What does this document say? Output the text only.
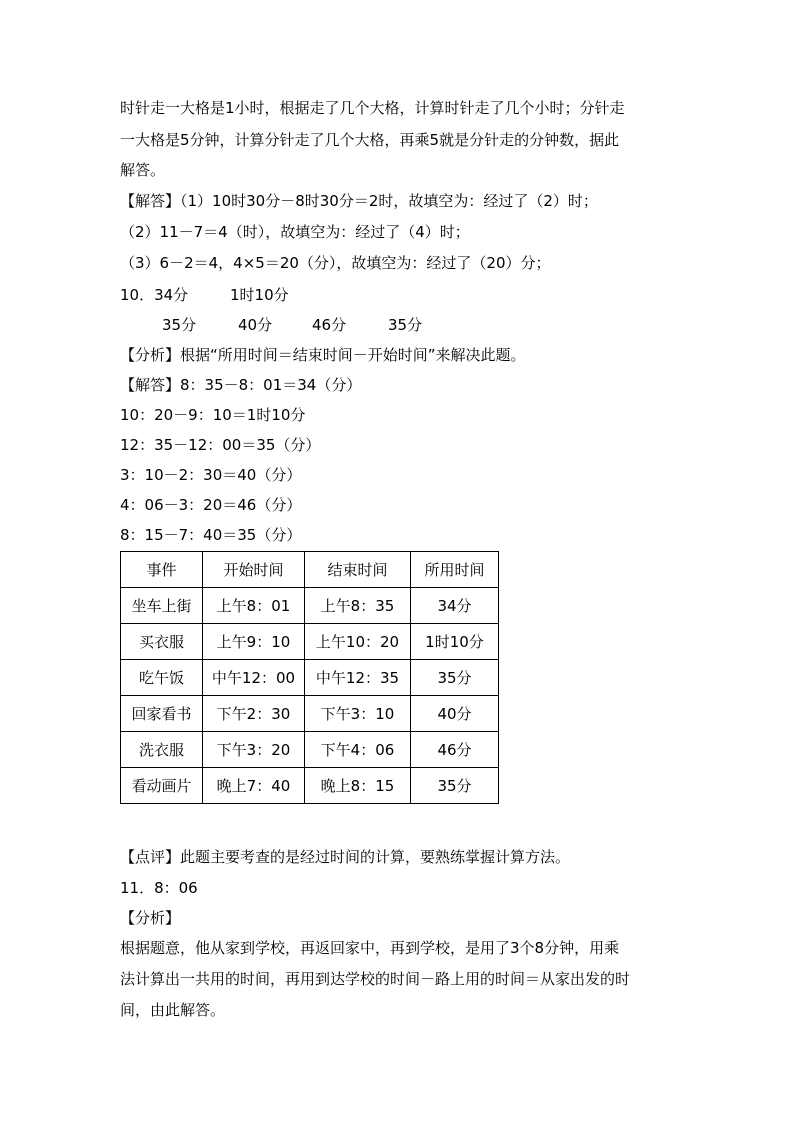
时针走一大格是1小时，根据走了几个大格，计算时针走了几个小时；分针走
一大格是5分钟，计算分针走了几个大格，再乘5就是分针走的分钟数，据此
解答。
【解答】（1）10时30分－8时30分＝2时，故填空为：经过了（2）时；
（2）11－7＝4（时），故填空为：经过了（4）时；
（3）6－2＝4，4×5＝20（分），故填空为：经过了（20）分；
10．34分	1时10分
35分	40分	46分	35分
【分析】根据“所用时间＝结束时间－开始时间”来解决此题。
【解答】8：35－8：01＝34（分）
10：20－9：10＝1时10分
12：35－12：00＝35（分）
3：10－2：30＝40（分）
4：06－3：20＝46（分）
8：15－7：40＝35（分）
事件	开始时间	结束时间	所用时间
坐车上街	上午8：01	上午8：35	34分
买衣服	上午9：10	上午10：20	1时10分
吃午饭	中午12：00	中午12：35	35分
回家看书	下午2：30	下午3：10	40分
洗衣服	下午3：20	下午4：06	46分
看动画片	晚上7：40	晚上8：15	35分
【点评】此题主要考查的是经过时间的计算，要熟练掌握计算方法。
11．8：06
【分析】
根据题意，他从家到学校，再返回家中，再到学校，是用了3个8分钟，用乘
法计算出一共用的时间，再用到达学校的时间－路上用的时间＝从家出发的时
间，由此解答。
